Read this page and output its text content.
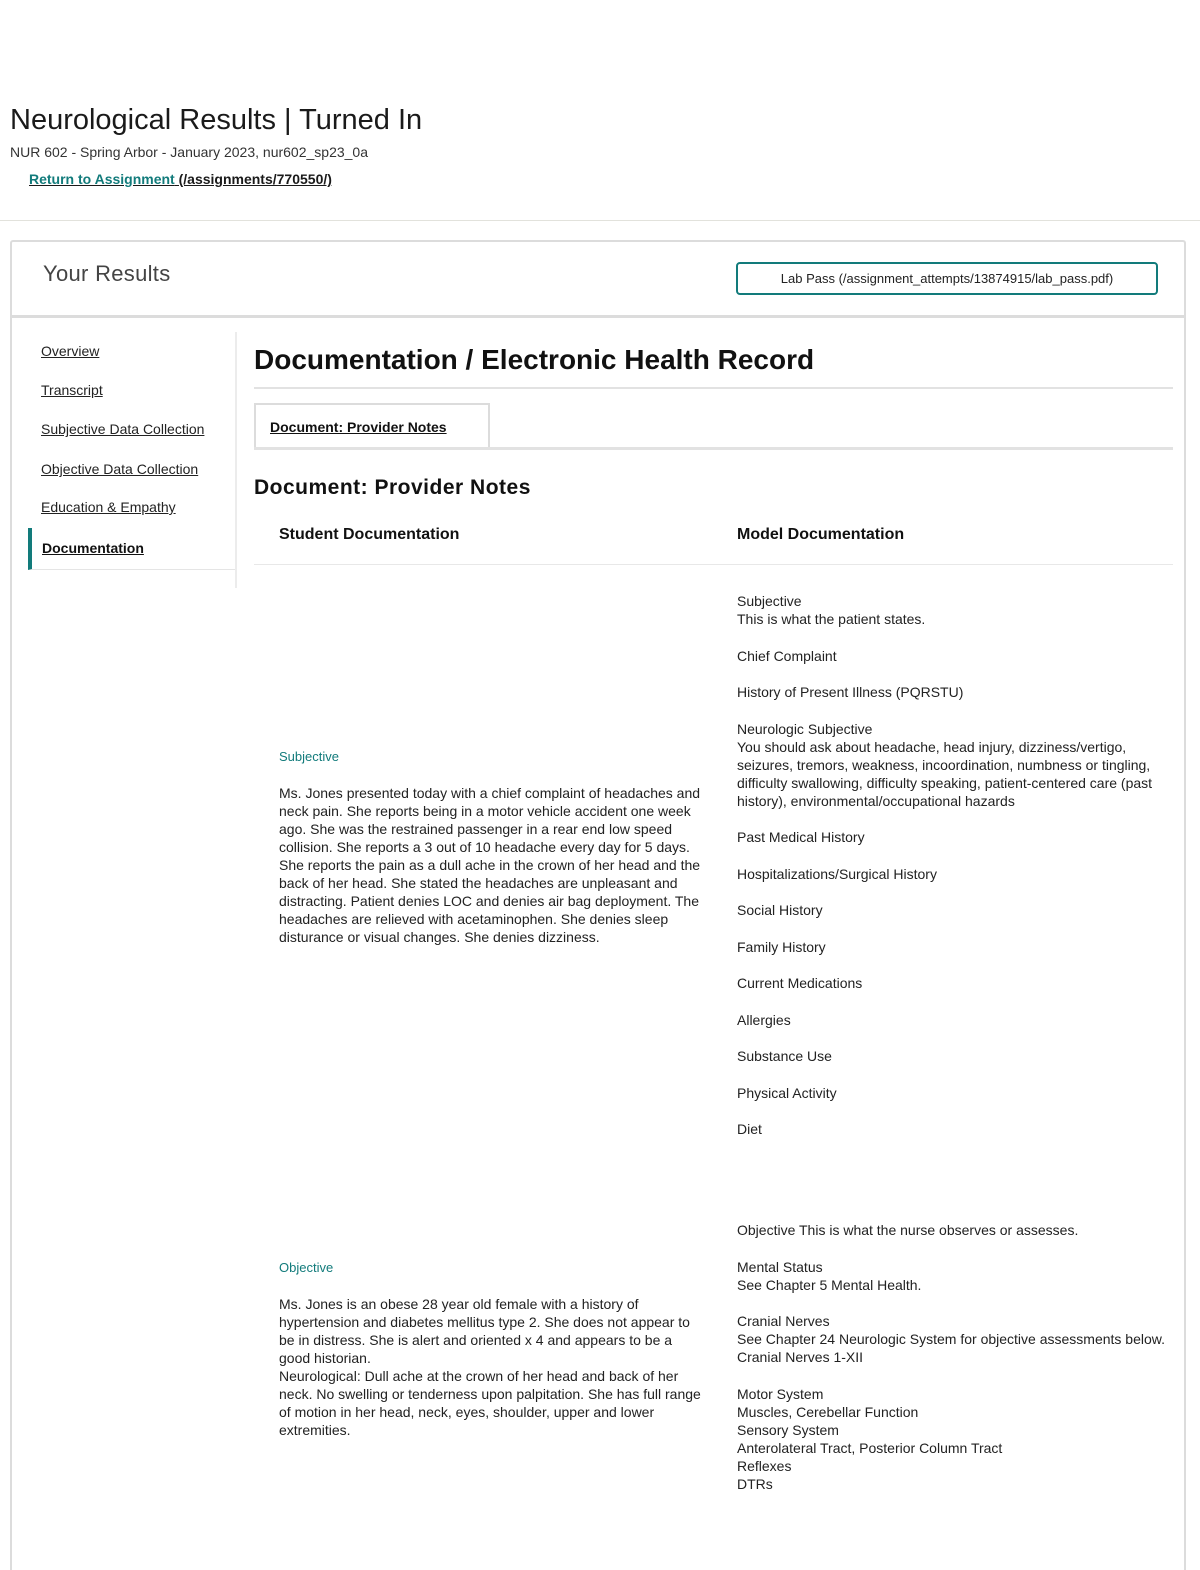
Neurological Results | Turned In
NUR 602 - Spring Arbor - January 2023, nur602_sp23_0a
Return to Assignment (/assignments/770550/)
Your Results	Lab Pass (/assignment_attempts/13874915/lab_pass.pdf)
Overview
Transcript
Subjective Data Collection
Objective Data Collection
Education & Empathy
Documentation
Documentation / Electronic Health Record
Document: Provider Notes
Document: Provider Notes
Student Documentation	Model Documentation
Subjective
Ms. Jones presented today with a chief complaint of headaches and neck pain. She reports being in a motor vehicle accident one week ago. She was the restrained passenger in a rear end low speed collision. She reports a 3 out of 10 headache every day for 5 days. She reports the pain as a dull ache in the crown of her head and the back of her head. She stated the headaches are unpleasant and distracting. Patient denies LOC and denies air bag deployment. The headaches are relieved with acetaminophen. She denies sleep disturance or visual changes. She denies dizziness.
Subjective
This is what the patient states.
Chief Complaint
History of Present Illness (PQRSTU)
Neurologic Subjective
You should ask about headache, head injury, dizziness/vertigo, seizures, tremors, weakness, incoordination, numbness or tingling, difficulty swallowing, difficulty speaking, patient-centered care (past history), environmental/occupational hazards
Past Medical History
Hospitalizations/Surgical History
Social History
Family History
Current Medications
Allergies
Substance Use
Physical Activity
Diet
Objective
Ms. Jones is an obese 28 year old female with a history of hypertension and diabetes mellitus type 2. She does not appear to be in distress. She is alert and oriented x 4 and appears to be a good historian.
Neurological: Dull ache at the crown of her head and back of her neck. No swelling or tenderness upon palpitation. She has full range of motion in her head, neck, eyes, shoulder, upper and lower extremities.
Objective This is what the nurse observes or assesses.
Mental Status
See Chapter 5 Mental Health.
Cranial Nerves
See Chapter 24 Neurologic System for objective assessments below. Cranial Nerves 1-XII
Motor System
Muscles, Cerebellar Function
Sensory System
Anterolateral Tract, Posterior Column Tract
Reflexes
DTRs
